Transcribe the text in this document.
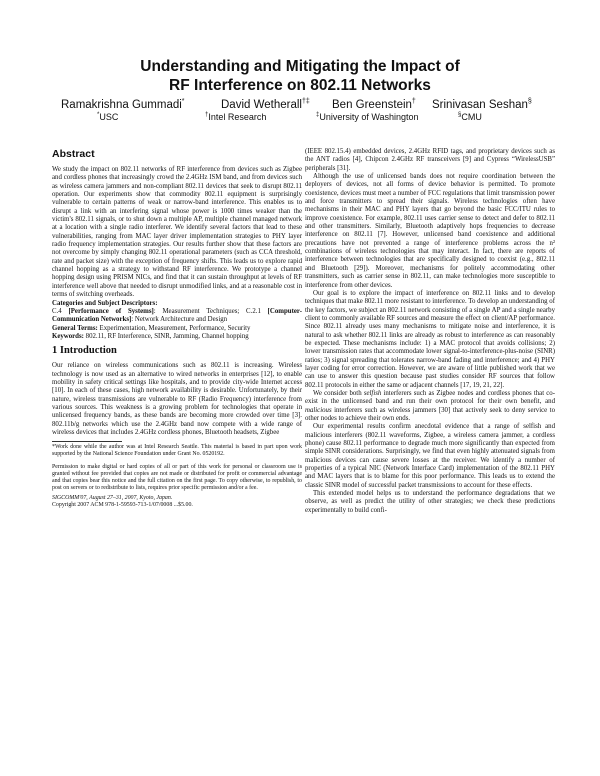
Understanding and Mitigating the Impact of
RF Interference on 802.11 Networks
Ramakrishna Gummadi*	David Wetherall†‡ Ben Greenstein† Srinivasan Seshan§
*USC	†Intel Research	‡University of Washington	§CMU
Abstract

We study the impact on 802.11 networks of RF interference from devices such as Zigbee and cordless phones that increasingly crowd the 2.4GHz ISM band, and from devices such as wireless camera jammers and non-compliant 802.11 devices that seek to disrupt 802.11 operation. Our experiments show that commodity 802.11 equipment is surprisingly vulnerable to certain patterns of weak or narrow-band interference. This enables us to disrupt a link with an interfering signal whose power is 1000 times weaker than the victim's 802.11 signals, or to shut down a multiple AP, multiple channel managed network at a location with a single radio interferer. We identify several factors that lead to these vulnerabilities, ranging from MAC layer driver implementation strategies to PHY layer radio frequency implementation strategies. Our results further show that these factors are not overcome by simply changing 802.11 operational parameters (such as CCA threshold, rate and packet size) with the exception of frequency shifts. This leads us to explore rapid channel hopping as a strategy to withstand RF interference. We prototype a channel hopping design using PRISM NICs, and find that it can sustain throughput at levels of RF interference well above that needed to disrupt unmodified links, and at a reasonable cost in terms of switching overheads.

Categories and Subject Descriptors:

C.4 [Performance of Systems]: Measurement Techniques; C.2.1 [Computer-Communication Networks]: Network Architecture and Design

General Terms: Experimentation, Measurement, Performance, Security

Keywords: 802.11, RF Interference, SINR, Jamming, Channel hopping

1 Introduction

Our reliance on wireless communications such as 802.11 is increasing. Wireless technology is now used as an alternative to wired networks in enterprises [12], to enable mobility in safety critical settings like hospitals, and to provide city-wide Internet access [10]. In each of these cases, high network availability is desirable. Unfortunately, by their nature, wireless transmissions are vulnerable to RF (Radio Frequency) interference from various sources. This weakness is a growing problem for technologies that operate in unlicensed frequency bands, as these bands are becoming more crowded over time [3]. 802.11b/g networks which use the 2.4GHz band now compete with a wide range of wireless devices that includes 2.4GHz cordless phones, Bluetooth headsets, Zigbee

*Work done while the author was at Intel Research Seattle. This material is based in part upon work supported by the National Science Foundation under Grant No. 0520192.

Permission to make digital or hard copies of all or part of this work for personal or classroom use is granted without fee provided that copies are not made or distributed for profit or commercial advantage and that copies bear this notice and the full citation on the first page. To copy otherwise, to republish, to post on servers or to redistribute to lists, requires prior specific permission and/or a fee.

SIGCOMM'07, August 27–31, 2007, Kyoto, Japan.

Copyright 2007 ACM 978-1-59593-713-1/07/0008 ...$5.00.

(IEEE 802.15.4) embedded devices, 2.4GHz RFID tags, and proprietary devices such as the ANT radios [4], Chipcon 2.4GHz RF transceivers [9] and Cypress “WirelessUSB” peripherals [31].

Although the use of unlicensed bands does not require coordination between the deployers of devices, not all forms of device behavior is permitted. To promote coexistence, devices must meet a number of FCC regulations that limit transmission power and force transmitters to spread their signals. Wireless technologies often have mechanisms in their MAC and PHY layers that go beyond the basic FCC/ITU rules to improve coexistence. For example, 802.11 uses carrier sense to detect and defer to 802.11 and other transmitters. Similarly, Bluetooth adaptively hops frequencies to decrease interference on 802.11 [7]. However, unlicensed band coexistence and additional precautions have not prevented a range of interference problems across the n² combinations of wireless technologies that may interact. In fact, there are reports of interference between technologies that are specifically designed to coexist (e.g., 802.11 and Bluetooth [29]). Moreover, mechanisms for politely accommodating other transmitters, such as carrier sense in 802.11, can make technologies more susceptible to interference from other devices.

Our goal is to explore the impact of interference on 802.11 links and to develop techniques that make 802.11 more resistant to interference. To develop an understanding of the key factors, we subject an 802.11 network consisting of a single AP and a single nearby client to commonly available RF sources and measure the effect on client/AP performance. Since 802.11 already uses many mechanisms to mitigate noise and interference, it is natural to ask whether 802.11 links are already as robust to interference as can reasonably be expected. These mechanisms include: 1) a MAC protocol that avoids collisions; 2) lower transmission rates that accommodate lower signal-to-interference-plus-noise (SINR) ratios; 3) signal spreading that tolerates narrow-band fading and interference; and 4) PHY layer coding for error correction. However, we are aware of little published work that we can use to answer this question because past studies consider RF sources that follow 802.11 protocols in either the same or adjacent channels [17, 19, 21, 22].

We consider both selfish interferers such as Zigbee nodes and cordless phones that co-exist in the unlicensed band and run their own protocol for their own benefit, and malicious interferers such as wireless jammers [30] that actively seek to deny service to other nodes to achieve their own ends.

Our experimental results confirm anecdotal evidence that a range of selfish and malicious interferers (802.11 waveforms, Zigbee, a wireless camera jammer, a cordless phone) cause 802.11 performance to degrade much more significantly than expected from simple SINR considerations. Surprisingly, we find that even highly attenuated signals from malicious devices can cause severe losses at the receiver. We identify a number of properties of a typical NIC (Network Interface Card) implementation of the 802.11 PHY and MAC layers that is to blame for this poor performance. This leads us to extend the classic SINR model of successful packet transmissions to account for these effects.

This extended model helps us to understand the performance degradations that we observe, as well as predict the utility of other strategies; we check these predictions experimentally to build confi-
